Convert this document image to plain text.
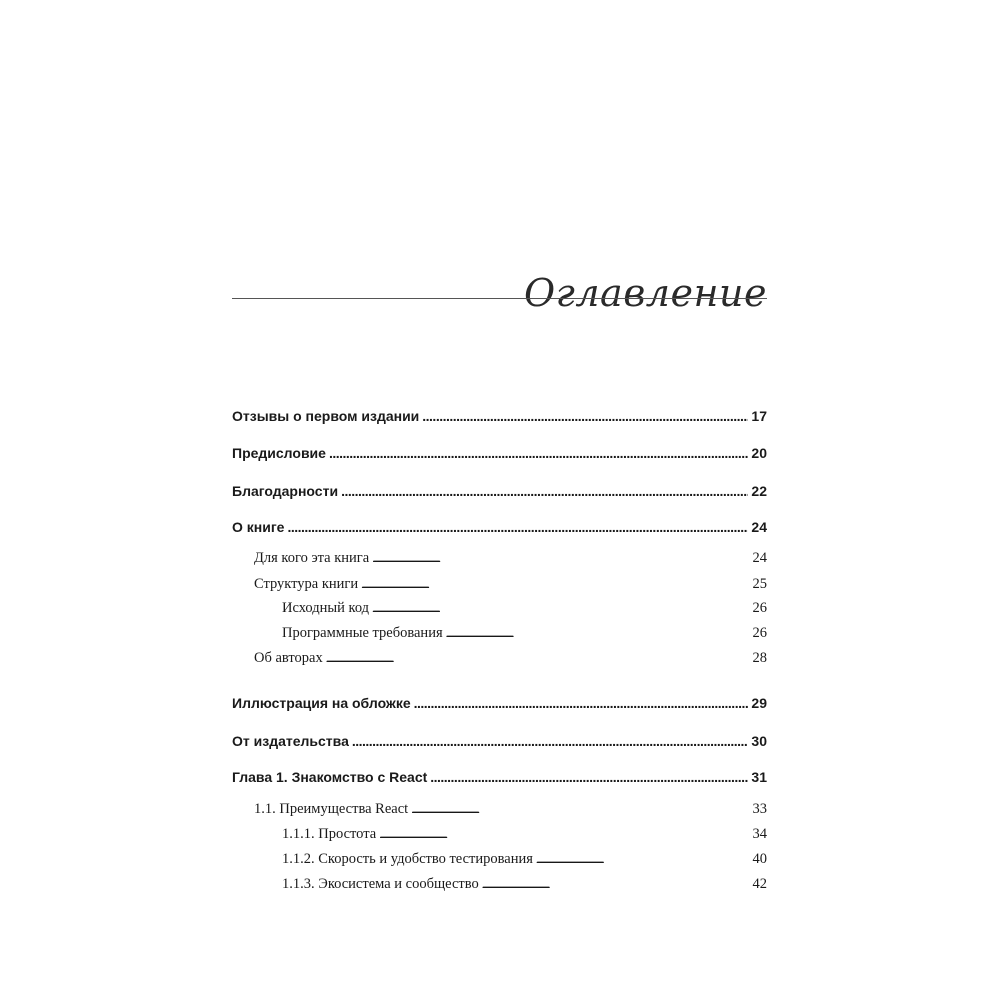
Оглавление
Отзывы о первом издании . . .	17
Предисловие . . .	20
Благодарности . . .	22
О книге . . .	24
Для кого эта книга . . .	24
Структура книги . . .	25
Исходный код . . .	26
Программные требования . . .	26
Об авторах . . .	28
Иллюстрация на обложке . . .	29
От издательства . . .	30
Глава 1. Знакомство с React . . .	31
1.1. Преимущества React . . .	33
1.1.1. Простота . . .	34
1.1.2. Скорость и удобство тестирования . . .	40
1.1.3. Экосистема и сообщество . . .	42
